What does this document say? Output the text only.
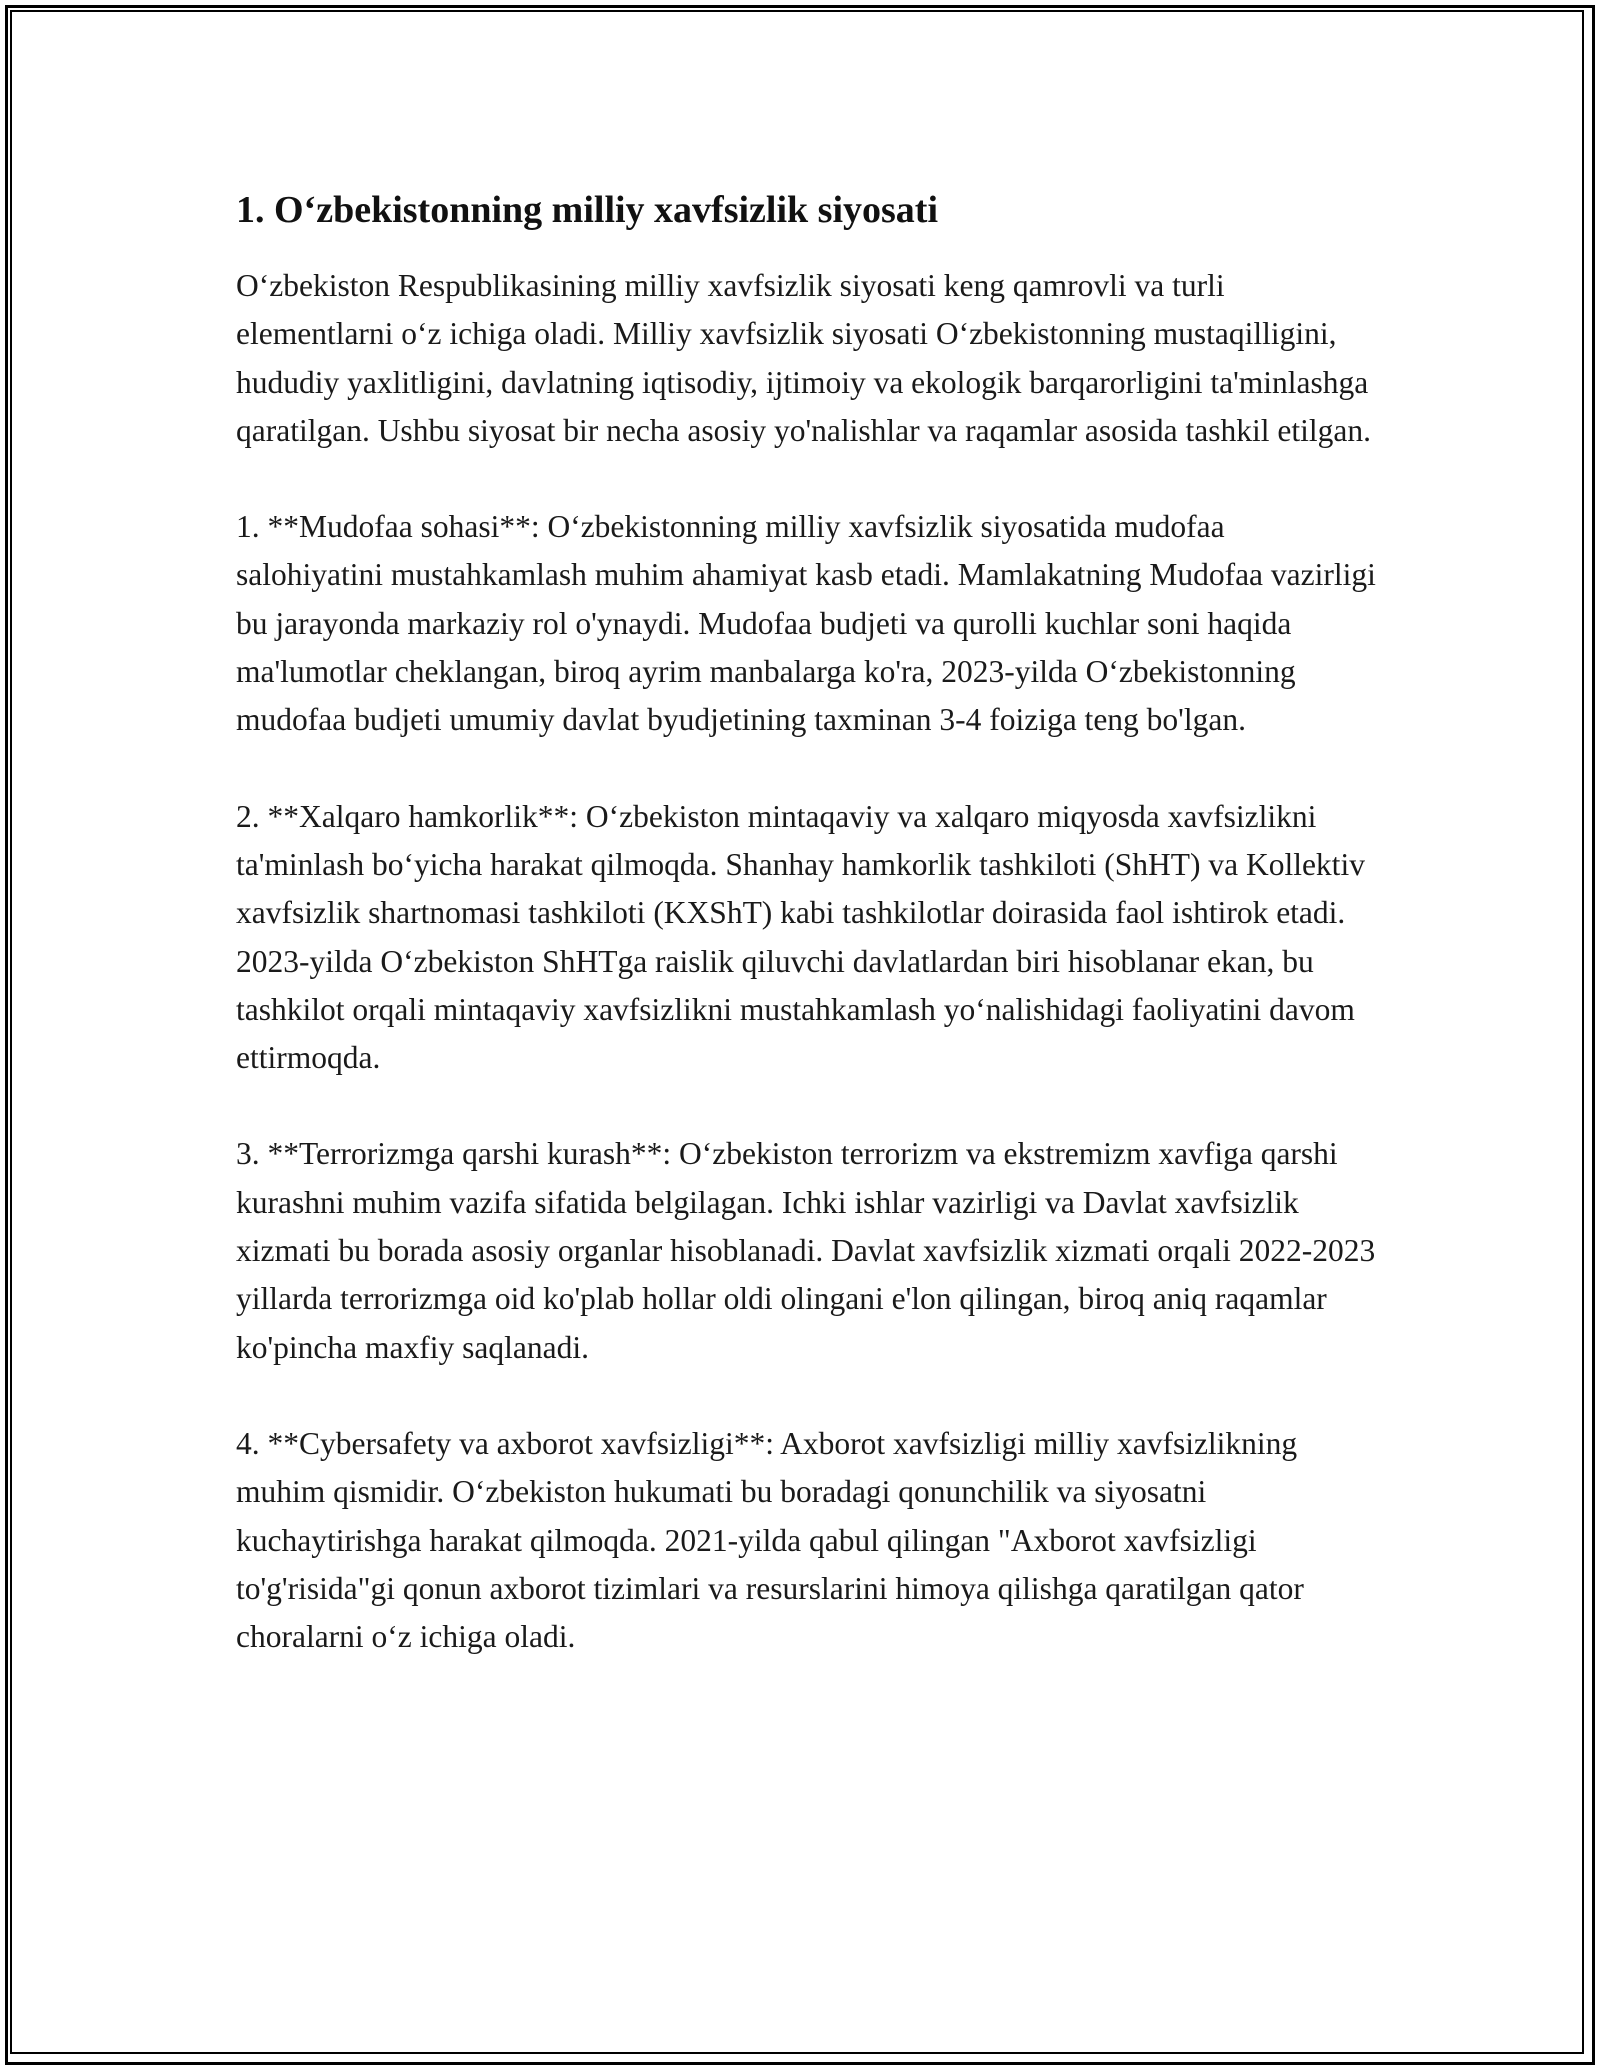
1. O‘zbekistonning milliy xavfsizlik siyosati

O‘zbekiston Respublikasining milliy xavfsizlik siyosati keng qamrovli va turli elementlarni o‘z ichiga oladi. Milliy xavfsizlik siyosati O‘zbekistonning mustaqilligini, hududiy yaxlitligini, davlatning iqtisodiy, ijtimoiy va ekologik barqarorligini ta'minlashga qaratilgan. Ushbu siyosat bir necha asosiy yo'nalishlar va raqamlar asosida tashkil etilgan.

1. **Mudofaa sohasi**: O‘zbekistonning milliy xavfsizlik siyosatida mudofaa salohiyatini mustahkamlash muhim ahamiyat kasb etadi. Mamlakatning Mudofaa vazirligi bu jarayonda markaziy rol o'ynaydi. Mudofaa budjeti va qurolli kuchlar soni haqida ma'lumotlar cheklangan, biroq ayrim manbalarga ko'ra, 2023-yilda O‘zbekistonning mudofaa budjeti umumiy davlat byudjetining taxminan 3-4 foiziga teng bo'lgan.

2. **Xalqaro hamkorlik**: O‘zbekiston mintaqaviy va xalqaro miqyosda xavfsizlikni ta'minlash bo‘yicha harakat qilmoqda. Shanhay hamkorlik tashkiloti (ShHT) va Kollektiv xavfsizlik shartnomasi tashkiloti (KXShT) kabi tashkilotlar doirasida faol ishtirok etadi. 2023-yilda O‘zbekiston ShHTga raislik qiluvchi davlatlardan biri hisoblanar ekan, bu tashkilot orqali mintaqaviy xavfsizlikni mustahkamlash yo‘nalishidagi faoliyatini davom ettirmoqda.

3. **Terrorizmga qarshi kurash**: O‘zbekiston terrorizm va ekstremizm xavfiga qarshi kurashni muhim vazifa sifatida belgilagan. Ichki ishlar vazirligi va Davlat xavfsizlik xizmati bu borada asosiy organlar hisoblanadi. Davlat xavfsizlik xizmati orqali 2022-2023 yillarda terrorizmga oid ko'plab hollar oldi olingani e'lon qilingan, biroq aniq raqamlar ko'pincha maxfiy saqlanadi.

4. **Cybersafety va axborot xavfsizligi**: Axborot xavfsizligi milliy xavfsizlikning muhim qismidir. O‘zbekiston hukumati bu boradagi qonunchilik va siyosatni kuchaytirishga harakat qilmoqda. 2021-yilda qabul qilingan "Axborot xavfsizligi to'g'risida"gi qonun axborot tizimlari va resurslarini himoya qilishga qaratilgan qator choralarni o‘z ichiga oladi.
